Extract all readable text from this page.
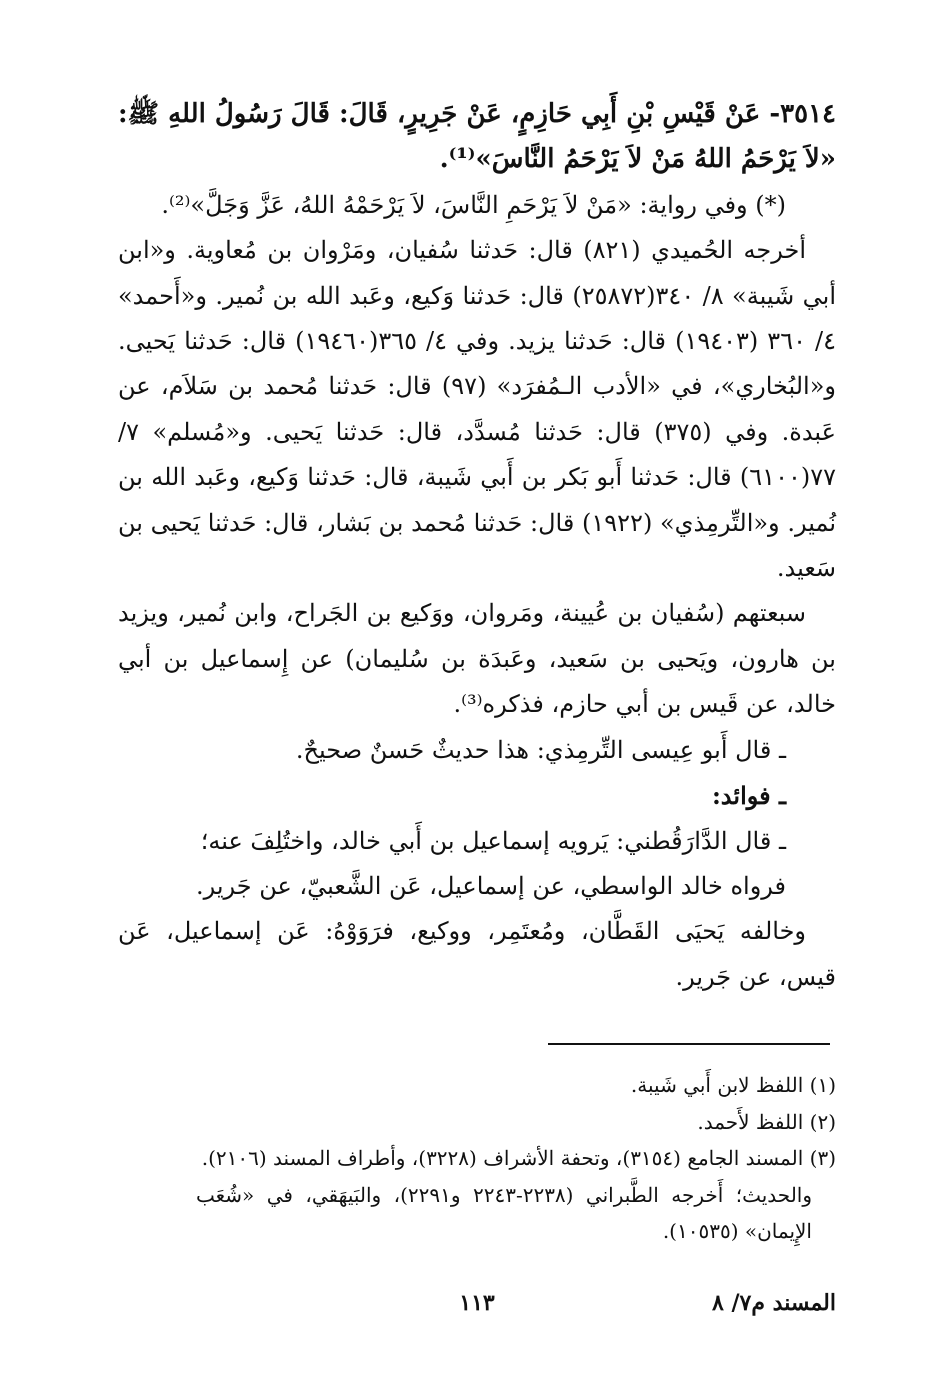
٣٥١٤- عَنْ قَيْسِ بْنِ أَبِي حَازِمٍ، عَنْ جَرِيرٍ، قَالَ: قَالَ رَسُولُ اللهِ ﷺ: «لاَ يَرْحَمُ اللهُ مَنْ لاَ يَرْحَمُ النَّاسَ»⁽¹⁾.

(*) وفي رواية: «مَنْ لاَ يَرْحَمِ النَّاسَ، لاَ يَرْحَمْهُ اللهُ، عَزَّ وَجَلَّ»⁽²⁾.

أخرجه الحُميدي (٨٢١) قال: حَدثنا سُفيان، ومَرْوان بن مُعاوية. و«ابن أبي شَيبة» ٨/ ٣٤٠(٢٥٨٧٢) قال: حَدثنا وَكيع، وعَبد الله بن نُمير. و«أَحمد» ٤/ ٣٦٠ (١٩٤٠٣) قال: حَدثنا يزيد. وفي ٤/ ٣٦٥(١٩٤٦٠) قال: حَدثنا يَحيى. و«البُخاري»، في «الأدب الـمُفرَد» (٩٧) قال: حَدثنا مُحمد بن سَلاَم، عن عَبدة. وفي (٣٧٥) قال: حَدثنا مُسدَّد، قال: حَدثنا يَحيى. و«مُسلم» ٧/ ٧٧(٦١٠٠) قال: حَدثنا أَبو بَكر بن أَبي شَيبة، قال: حَدثنا وَكيع، وعَبد الله بن نُمير. و«التِّرمِذي» (١٩٢٢) قال: حَدثنا مُحمد بن بَشار، قال: حَدثنا يَحيى بن سَعيد.

سبعتهم (سُفيان بن عُيينة، ومَروان، ووَكيع بن الجَراح، وابن نُمير، ويزيد بن هارون، ويَحيى بن سَعيد، وعَبدَة بن سُليمان) عن إِسماعيل بن أبي خالد، عن قَيس بن أبي حازم، فذكره⁽³⁾.

ـ قال أَبو عِيسى التِّرمِذي: هذا حديثٌ حَسنٌ صحيحٌ.

ـ فوائد:

ـ قال الدَّارَقُطني: يَرويه إسماعيل بن أَبي خالد، واختُلِفَ عنه؛

فرواه خالد الواسطي، عن إسماعيل، عَن الشَّعبيّ، عن جَرير.

وخالفه يَحيَى القَطَّان، ومُعتَمِر، ووكيع، فرَوَوْهُ: عَن إسماعيل، عَن قيس، عن جَرير.

(١) اللفظ لابن أَبي شَيبة.

(٢) اللفظ لأَحمد.

(٣) المسند الجامع (٣١٥٤)، وتحفة الأشراف (٣٢٢٨)، وأطراف المسند (٢١٠٦).

والحديث؛ أَخرجه الطَّبراني (٢٢٣٨-٢٢٤٣ و٢٢٩١)، والبَيهَقي، في «شُعَب الإِيمان» (١٠٥٣٥).

المسند م٧/ ٨
١١٣
